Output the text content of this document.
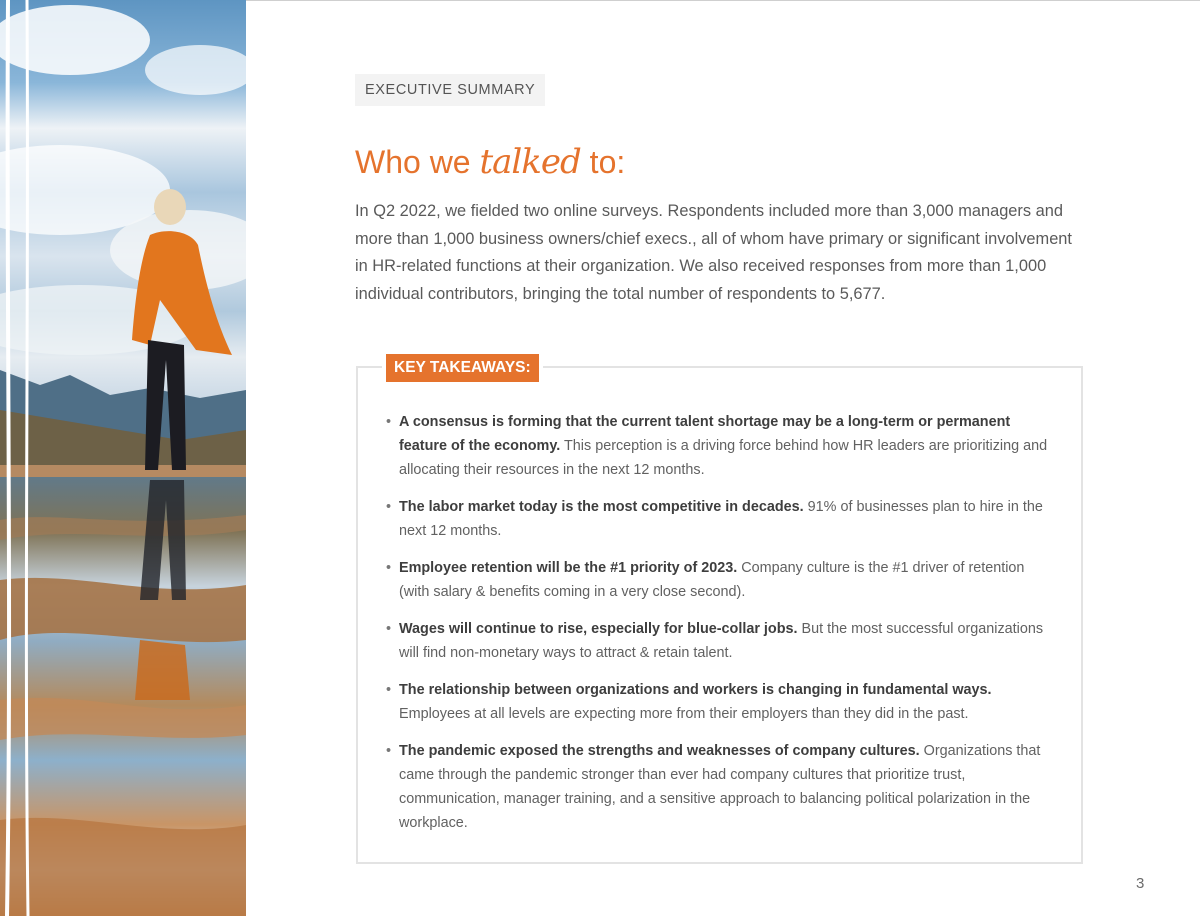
EXECUTIVE SUMMARY
Who we talked to:

In Q2 2022, we fielded two online surveys. Respondents included more than 3,000 managers and more than 1,000 business owners/chief execs., all of whom have primary or significant involvement in HR-related functions at their organization. We also received responses from more than 1,000 individual contributors, bringing the total number of respondents to 5,677.

KEY TAKEAWAYS:
• A consensus is forming that the current talent shortage may be a long-term or permanent feature of the economy. This perception is a driving force behind how HR leaders are prioritizing and allocating their resources in the next 12 months.
• The labor market today is the most competitive in decades. 91% of businesses plan to hire in the next 12 months.
• Employee retention will be the #1 priority of 2023. Company culture is the #1 driver of retention (with salary & benefits coming in a very close second).
• Wages will continue to rise, especially for blue-collar jobs. But the most successful organizations will find non-monetary ways to attract & retain talent.
• The relationship between organizations and workers is changing in fundamental ways. Employees at all levels are expecting more from their employers than they did in the past.
• The pandemic exposed the strengths and weaknesses of company cultures. Organizations that came through the pandemic stronger than ever had company cultures that prioritize trust, communication, manager training, and a sensitive approach to balancing political polarization in the workplace.
3
